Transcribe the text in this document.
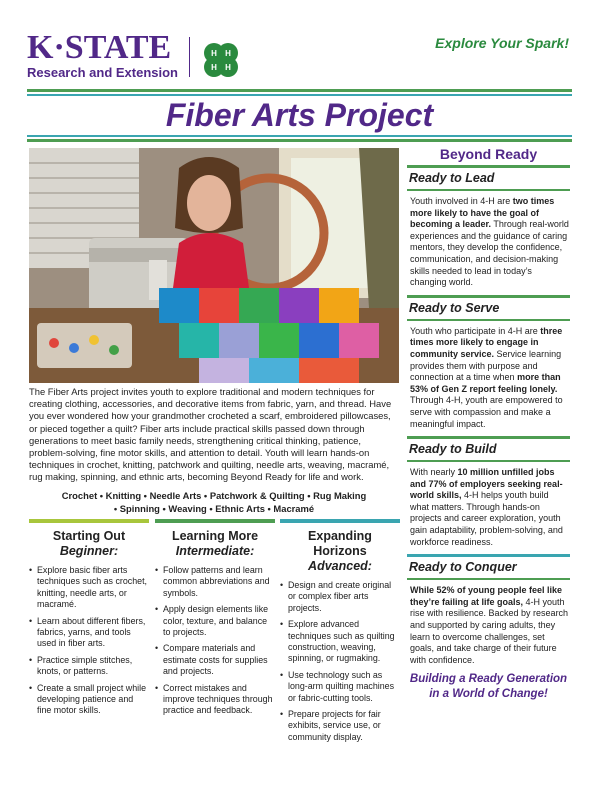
K·STATE
Research and Extension
H H
H H
Explore Your Spark!
Fiber Arts Project
The Fiber Arts project invites youth to explore traditional and modern techniques for creating clothing, accessories, and decorative items from fabric, yarn, and thread. Have you ever wondered how your grandmother crocheted a scarf, embroidered pillowcases, or pieced together a quilt? Fiber arts include practical skills passed down through generations to meet basic family needs, strengthening critical thinking, patience, problem-solving, fine motor skills, and attention to detail. Youth will learn hands-on techniques in crochet, knitting, patchwork and quilting, needle arts, weaving, macramé, rug making, spinning, and ethnic arts, becoming Beyond Ready for life and work.
Crochet • Knitting • Needle Arts • Patchwork & Quilting • Rug Making
• Spinning • Weaving • Ethnic Arts • Macramé
Starting Out
Beginner:
• Explore basic fiber arts techniques such as crochet, knitting, needle arts, or macramé.
• Learn about different fibers, fabrics, yarns, and tools used in fiber arts.
• Practice simple stitches, knots, or patterns.
• Create a small project while developing patience and fine motor skills.
Learning More
Intermediate:
• Follow patterns and learn common abbreviations and symbols.
• Apply design elements like color, texture, and balance to projects.
• Compare materials and estimate costs for supplies and projects.
• Correct mistakes and improve techniques through practice and feedback.
Expanding Horizons
Advanced:
• Design and create original or complex fiber arts projects.
• Explore advanced techniques such as quilting construction, weaving, spinning, or rugmaking.
• Use technology such as long-arm quilting machines or fabric-cutting tools.
• Prepare projects for fair exhibits, service use, or community display.
Beyond Ready
Ready to Lead
Youth involved in 4-H are two times more likely to have the goal of becoming a leader. Through real-world experiences and the guidance of caring mentors, they develop the confidence, communication, and decision-making skills needed to lead in today’s changing world.
Ready to Serve
Youth who participate in 4-H are three times more likely to engage in community service. Service learning provides them with purpose and connection at a time when more than 53% of Gen Z report feeling lonely. Through 4-H, youth are empowered to serve with compassion and make a meaningful impact.
Ready to Build
With nearly 10 million unfilled jobs and 77% of employers seeking real-world skills, 4-H helps youth build what matters. Through hands-on projects and career exploration, youth gain adaptability, problem-solving, and workforce readiness.
Ready to Conquer
While 52% of young people feel like they’re failing at life goals, 4-H youth rise with resilience. Backed by research and supported by caring adults, they learn to overcome challenges, set goals, and take charge of their future with confidence.
Building a Ready Generation in a World of Change!
